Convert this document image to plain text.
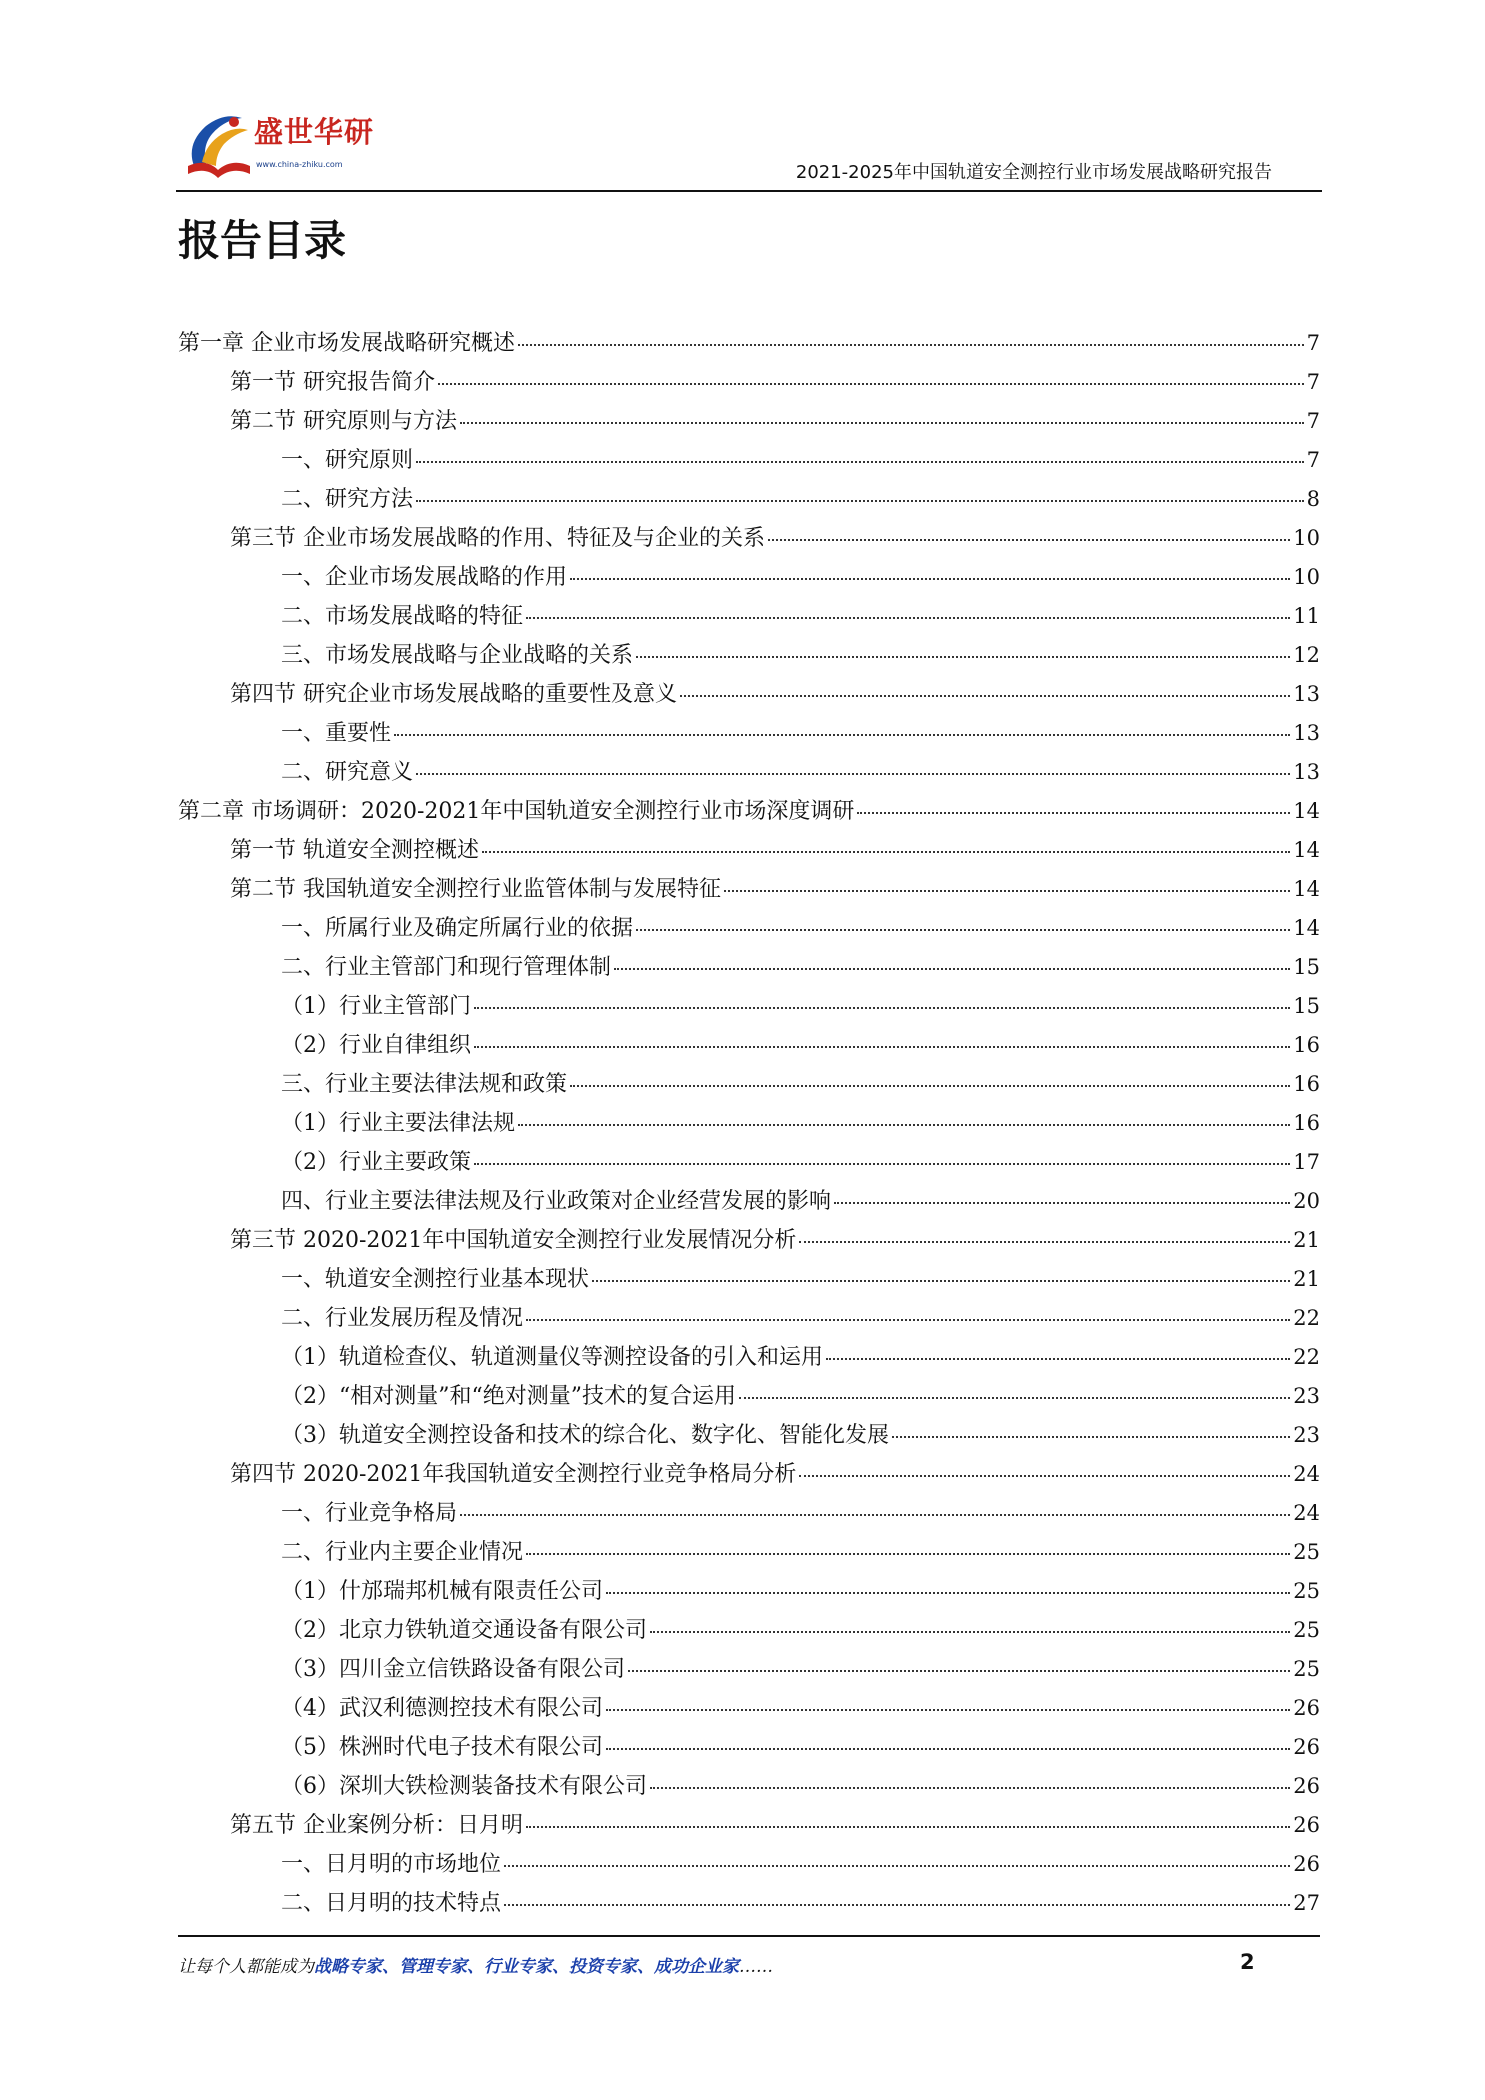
盛世华研
www.china-zhiku.com	2021-2025年中国轨道安全测控行业市场发展战略研究报告
报告目录
第一章 企业市场发展战略研究概述	7
第一节 研究报告简介	7
第二节 研究原则与方法	7
一、研究原则	7
二、研究方法	8
第三节 企业市场发展战略的作用、特征及与企业的关系	10
一、企业市场发展战略的作用	10
二、市场发展战略的特征	11
三、市场发展战略与企业战略的关系	12
第四节 研究企业市场发展战略的重要性及意义	13
一、重要性	13
二、研究意义	13
第二章 市场调研：2020-2021年中国轨道安全测控行业市场深度调研	14
第一节 轨道安全测控概述	14
第二节 我国轨道安全测控行业监管体制与发展特征	14
一、所属行业及确定所属行业的依据	14
二、行业主管部门和现行管理体制	15
（1）行业主管部门	15
（2）行业自律组织	16
三、行业主要法律法规和政策	16
（1）行业主要法律法规	16
（2）行业主要政策	17
四、行业主要法律法规及行业政策对企业经营发展的影响	20
第三节 2020-2021年中国轨道安全测控行业发展情况分析	21
一、轨道安全测控行业基本现状	21
二、行业发展历程及情况	22
（1）轨道检查仪、轨道测量仪等测控设备的引入和运用	22
（2）“相对测量”和“绝对测量”技术的复合运用	23
（3）轨道安全测控设备和技术的综合化、数字化、智能化发展	23
第四节 2020-2021年我国轨道安全测控行业竞争格局分析	24
一、行业竞争格局	24
二、行业内主要企业情况	25
（1）什邡瑞邦机械有限责任公司	25
（2）北京力铁轨道交通设备有限公司	25
（3）四川金立信铁路设备有限公司	25
（4）武汉利德测控技术有限公司	26
（5）株洲时代电子技术有限公司	26
（6）深圳大铁检测装备技术有限公司	26
第五节 企业案例分析：日月明	26
一、日月明的市场地位	26
二、日月明的技术特点	27
让每个人都能成为战略专家、管理专家、行业专家、投资专家、成功企业家……	2
